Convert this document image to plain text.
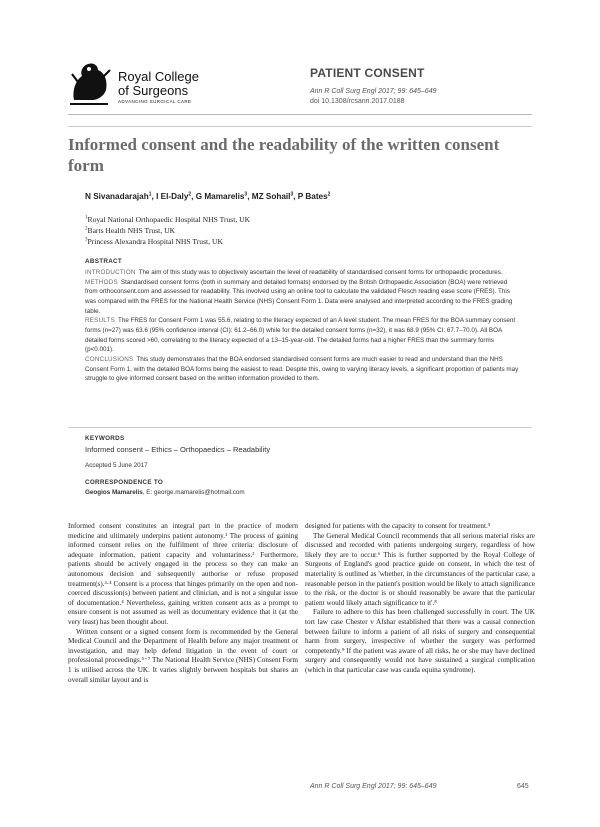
Royal College
of Surgeons
ADVANCING SURGICAL CARE
PATIENT CONSENT
Ann R Coll Surg Engl 2017; 99: 645–649
doi 10.1308/rcsann.2017.0188
Informed consent and the readability of the written consent form
N Sivanadarajah$^1$, I El-Daly$^2$, G Mamarelis$^3$, MZ Sohail$^3$, P Bates$^2$
$^1$Royal National Orthopaedic Hospital NHS Trust, UK
$^2$Barts Health NHS Trust, UK
$^3$Princess Alexandra Hospital NHS Trust, UK
ABSTRACT

INTRODUCTION The aim of this study was to objectively ascertain the level of readability of standardised consent forms for orthopaedic procedures.

METHODS Standardised consent forms (both in summary and detailed formats) endorsed by the British Orthopaedic Association (BOA) were retrieved from orthoconsent.com and assessed for readability. This involved using an online tool to calculate the validated Flesch reading ease score (FRES). This was compared with the FRES for the National Health Service (NHS) Consent Form 1. Data were analysed and interpreted according to the FRES grading table.

RESULTS The FRES for Consent Form 1 was 55.6, relating to the literacy expected of an A level student. The mean FRES for the BOA summary consent forms (n=27) was 63.6 (95% confidence interval (CI): 61.2–66.0) while for the detailed consent forms (n=32), it was 68.9 (95% CI: 67.7–70.0). All BOA detailed forms scored >60, correlating to the literacy expected of a 13–15-year-old. The detailed forms had a higher FRES than the summary forms (p<0.001).

CONCLUSIONS This study demonstrates that the BOA endorsed standardised consent forms are much easier to read and understand than the NHS Consent Form 1, with the detailed BOA forms being the easiest to read. Despite this, owing to varying literacy levels, a significant proportion of patients may struggle to give informed consent based on the written information provided to them.

KEYWORDS
Informed consent – Ethics – Orthopaedics – Readability
Accepted 5 June 2017
CORRESPONDENCE TO
Geogios Mamarelis, E: george.mamarelis@hotmail.com

Informed consent constitutes an integral part in the practice of modern medicine and ultimately underpins patient autonomy.¹ The process of gaining informed consent relies on the fulfilment of three criteria: disclosure of adequate information, patient capacity and voluntariness.² Furthermore, patients should be actively engaged in the process so they can make an autonomous decision and subsequently authorise or refuse proposed treatment(s).³·⁴ Consent is a process that hinges primarily on the open and non-coerced discussion(s) between patient and clinician, and is not a singular issue of documentation.⁴ Nevertheless, gaining written consent acts as a prompt to ensure consent is not assumed as well as documentary evidence that it (at the very least) has been thought about.

Written consent or a signed consent form is recommended by the General Medical Council and the Department of Health before any major treatment or investigation, and may help defend litigation in the event of court or professional proceedings.⁵⁻⁷ The National Health Service (NHS) Consent Form 1 is utilised across the UK. It varies slightly between hospitals but shares an overall similar layout and is

designed for patients with the capacity to consent for treatment.⁵

The General Medical Council recommends that all serious material risks are discussed and recorded with patients undergoing surgery, regardless of how likely they are to occur.⁶ This is further supported by the Royal College of Surgeons of England's good practice guide on consent, in which the test of materiality is outlined as 'whether, in the circumstances of the particular case, a reasonable person in the patient's position would be likely to attach significance to the risk, or the doctor is or should reasonably be aware that the particular patient would likely attach significance to it'.⁸

Failure to adhere to this has been challenged successfully in court. The UK tort law case Chester v Afshar established that there was a causal connection between failure to inform a patient of all risks of surgery and consequential harm from surgery, irrespective of whether the surgery was performed competently.⁹ If the patient was aware of all risks, he or she may have declined surgery and consequently would not have sustained a surgical complication (which in that particular case was cauda equina syndrome).

Ann R Coll Surg Engl 2017; 99: 645–649	645
